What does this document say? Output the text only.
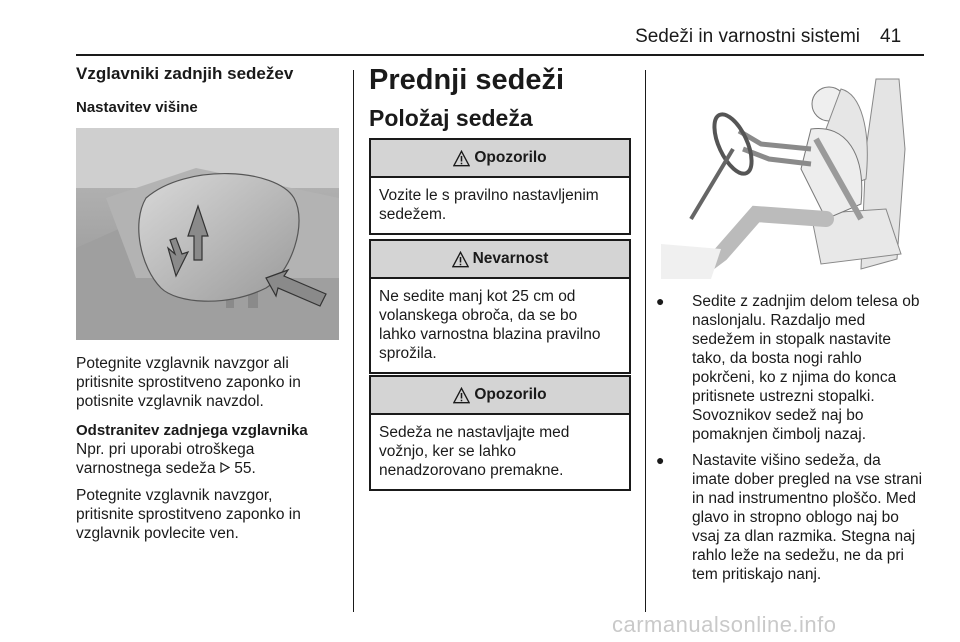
Sedeži in varnostni sistemi 41
Vzglavniki zadnjih sedežev
Nastavitev višine
Potegnite vzglavnik navzgor ali
pritisnite sprostitveno zaponko in
potisnite vzglavnik navzdol.
Odstranitev zadnjega vzglavnika
Npr. pri uporabi otroškega
varnostnega sedeža 55.
Potegnite vzglavnik navzgor,
pritisnite sprostitveno zaponko in
vzglavnik povlecite ven.
Prednji sedeži
Položaj sedeža
Opozorilo
Vozite le s pravilno nastavljenim
sedežem.
Nevarnost
Ne sedite manj kot 25 cm od
volanskega obroča, da se bo
lahko varnostna blazina pravilno
sprožila.
Opozorilo
Sedeža ne nastavljajte med
vožnjo, ker se lahko
nenadzorovano premakne.
● Sedite z zadnjim delom telesa ob
naslonjalu. Razdaljo med
sedežem in stopalk nastavite
tako, da bosta nogi rahlo
pokrčeni, ko z njima do konca
pritisnete ustrezni stopalki.
Sovoznikov sedež naj bo
pomaknjen čimbolj nazaj.
● Nastavite višino sedeža, da
imate dober pregled na vse strani
in nad instrumentno ploščo. Med
glavo in stropno oblogo naj bo
vsaj za dlan razmika. Stegna naj
rahlo leže na sedežu, ne da pri
tem pritiskajo nanj.
carmanualsonline.info
